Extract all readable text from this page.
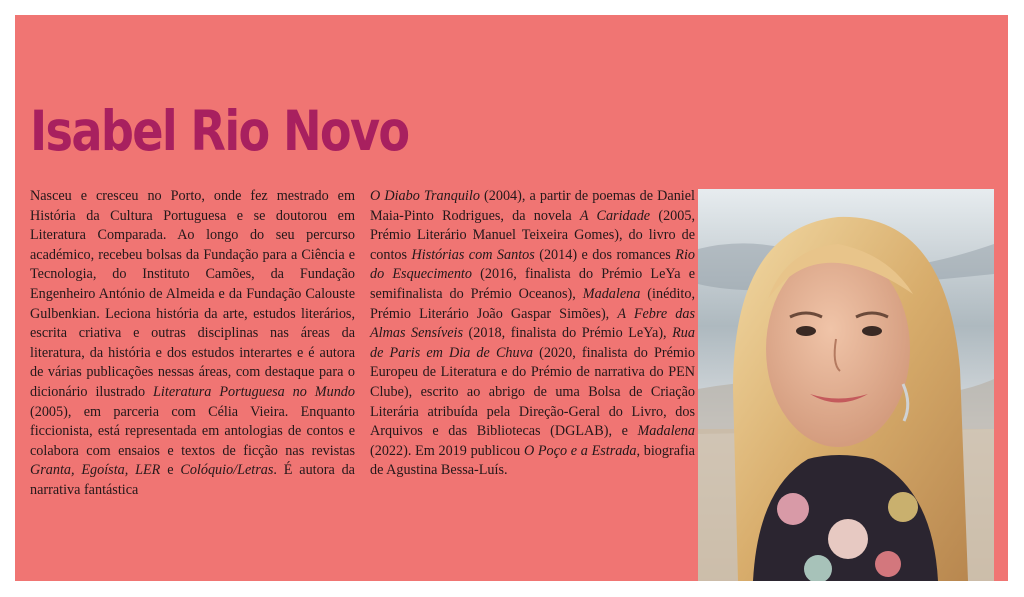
Isabel Rio Novo

Nasceu e cresceu no Porto, onde fez mestrado em História da Cultura Portuguesa e se doutorou em Literatura Comparada. Ao longo do seu percurso académico, recebeu bolsas da Fundação para a Ciência e Tecnologia, do Instituto Camões, da Fundação Engenheiro António de Almeida e da Fundação Calouste Gulbenkian. Leciona história da arte, estudos literários, escrita criativa e outras disciplinas nas áreas da literatura, da história e dos estudos interartes e é autora de várias publicações nessas áreas, com destaque para o dicionário ilustrado Literatura Portuguesa no Mundo (2005), em parceria com Célia Vieira. Enquanto ficcionista, está representada em antologias de contos e colabora com ensaios e textos de ficção nas revistas Granta, Egoísta, LER e Colóquio/Letras. É autora da narrativa fantástica

O Diabo Tranquilo (2004), a partir de poemas de Daniel Maia-Pinto Rodrigues, da novela A Caridade (2005, Prémio Literário Manuel Teixeira Gomes), do livro de contos Histórias com Santos (2014) e dos romances Rio do Esquecimento (2016, finalista do Prémio LeYa e semifinalista do Prémio Oceanos), Madalena (inédito, Prémio Literário João Gaspar Simões), A Febre das Almas Sensíveis (2018, finalista do Prémio LeYa), Rua de Paris em Dia de Chuva (2020, finalista do Prémio Europeu de Literatura e do Prémio de narrativa do PEN Clube), escrito ao abrigo de uma Bolsa de Criação Literária atribuída pela Direção-Geral do Livro, dos Arquivos e das Bibliotecas (DGLAB), e Madalena (2022). Em 2019 publicou O Poço e a Estrada, biografia de Agustina Bessa-Luís.
